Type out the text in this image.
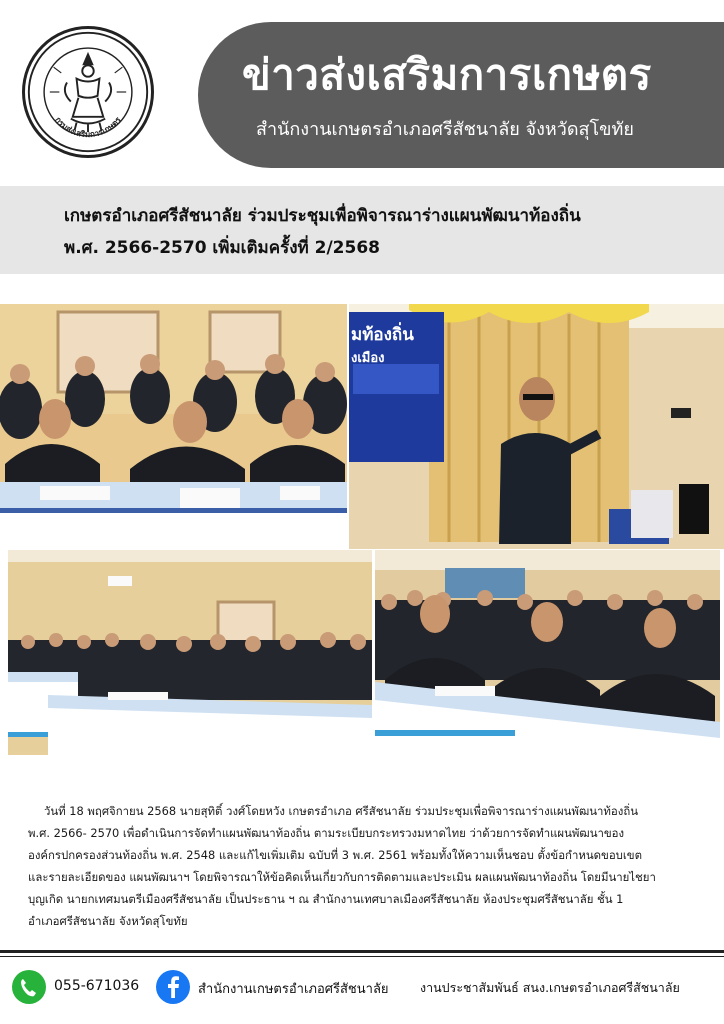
กรมส่งเสริมการเกษตร
ข่าวส่งเสริมการเกษตร
สำนักงานเกษตรอำเภอศรีสัชนาลัย จังหวัดสุโขทัย
เกษตรอำเภอศรีสัชนาลัย ร่วมประชุมเพื่อพิจารณาร่างแผนพัฒนาท้องถิ่น
พ.ศ. 2566-2570 เพิ่มเติมครั้งที่ 2/2568
มท้องถิ่น
งเมือง
วันที่ 18 พฤศจิกายน 2568 นายสุทิติ์ วงศ์โดยหวัง เกษตรอำเภอ ศรีสัชนาลัย ร่วมประชุมเพื่อพิจารณาร่างแผนพัฒนาท้องถิ่น
พ.ศ. 2566- 2570 เพื่อดำเนินการจัดทำแผนพัฒนาท้องถิ่น ตามระเบียบกระทรวงมหาดไทย ว่าด้วยการจัดทำแผนพัฒนาของ
องค์กรปกครองส่วนท้องถิ่น พ.ศ. 2548 และแก้ไขเพิ่มเติม ฉบับที่ 3 พ.ศ. 2561 พร้อมทั้งให้ความเห็นชอบ ตั้งข้อกำหนดขอบเขต
และรายละเอียดของ แผนพัฒนาฯ โดยพิจารณาให้ข้อคิดเห็นเกี่ยวกับการติดตามและประเมิน ผลแผนพัฒนาท้องถิ่น โดยมีนายไชยา
บุญเกิด นายกเทศมนตรีเมืองศรีสัชนาลัย เป็นประธาน ฯ ณ สำนักงานเทศบาลเมืองศรีสัชนาลัย ห้องประชุมศรีสัชนาลัย ชั้น 1
อำเภอศรีสัชนาลัย จังหวัดสุโขทัย
055-671036	สำนักงานเกษตรอำเภอศรีสัชนาลัย	งานประชาสัมพันธ์ สนง.เกษตรอำเภอศรีสัชนาลัย
